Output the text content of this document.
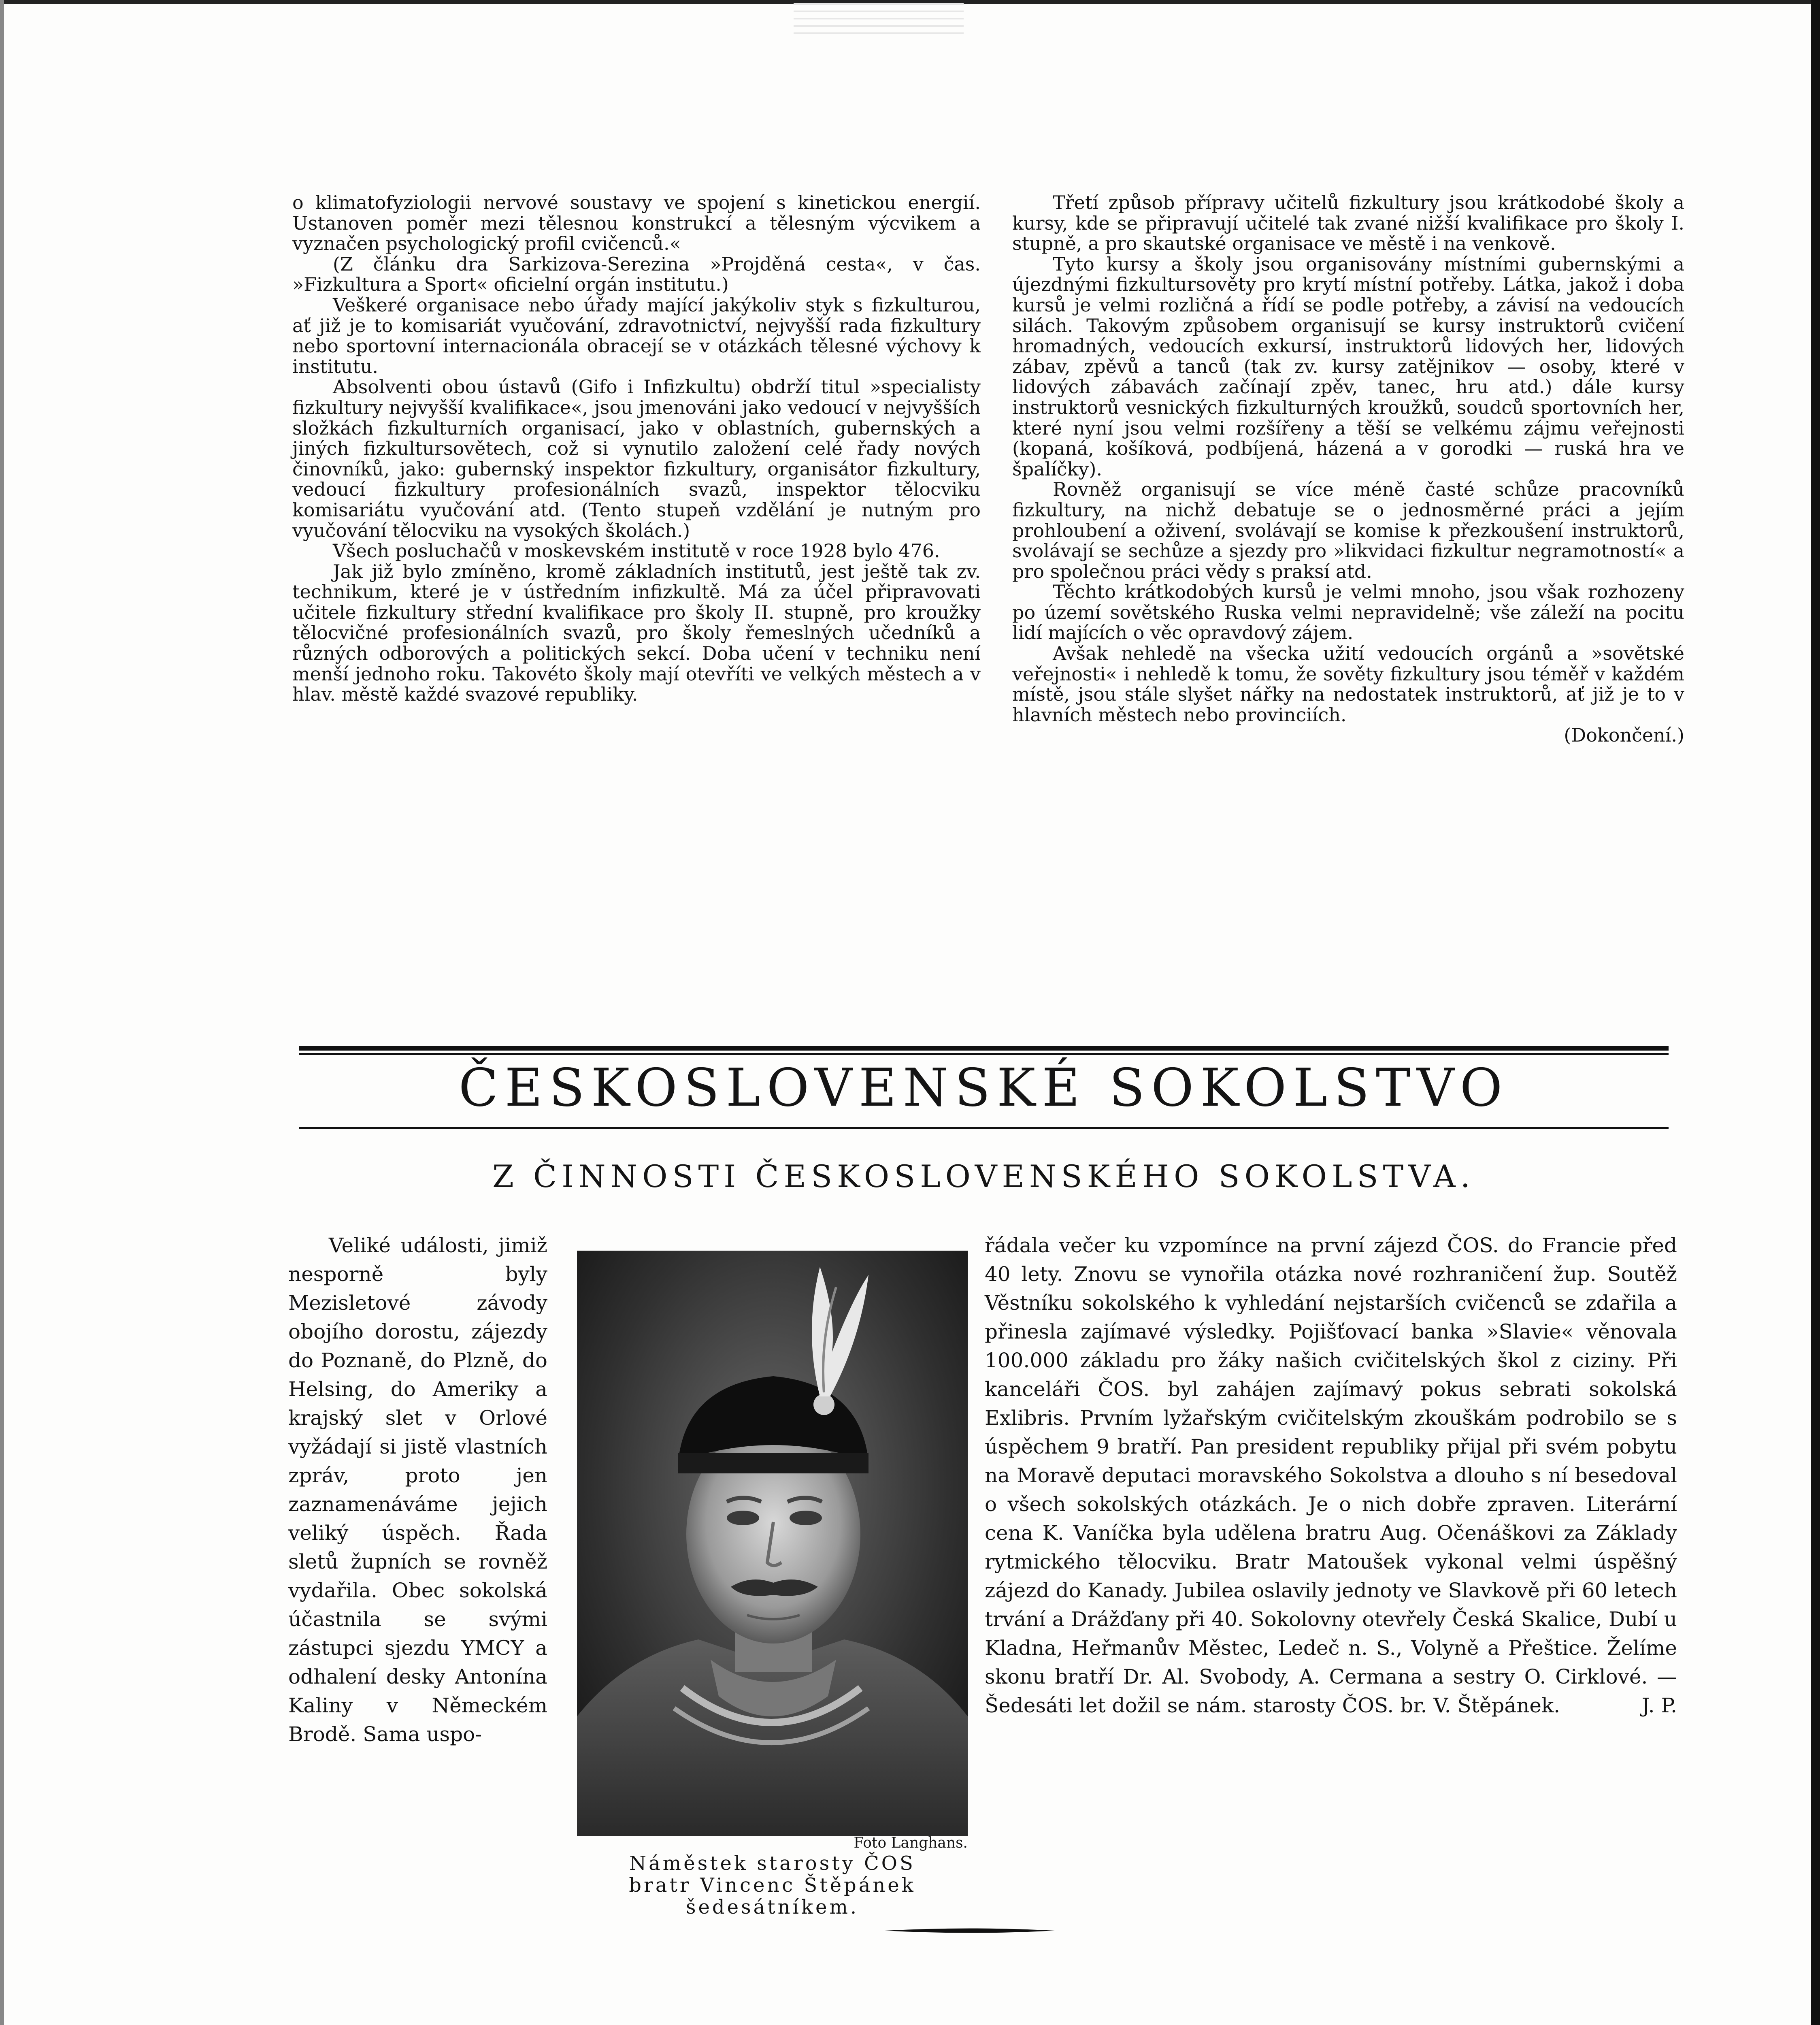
o klimatofyziologii nervové soustavy ve spojení s kinetickou energií. Ustanoven poměr mezi tělesnou konstrukcí a tělesným výcvikem a vyznačen psychologický profil cvičenců.«

(Z článku dra Sarkizova-Serezina »Projděná cesta«, v čas. »Fizkultura a Sport« oficielní orgán institutu.)

Veškeré organisace nebo úřady mající jakýkoliv styk s fizkulturou, ať již je to komisariát vyučování, zdravotnictví, nejvyšší rada fizkultury nebo sportovní internacionála obracejí se v otázkách tělesné výchovy k institutu.

Absolventi obou ústavů (Gifo i Infizkultu) obdrží titul »specialisty fizkultury nejvyšší kvalifikace«, jsou jmenováni jako vedoucí v nejvyšších složkách fizkulturních organisací, jako v oblastních, gubernských a jiných fizkultursovětech, což si vynutilo založení celé řady nových činovníků, jako: gubernský inspektor fizkultury, organisátor fizkultury, vedoucí fizkultury profesionálních svazů, inspektor tělocviku komisariátu vyučování atd. (Tento stupeň vzdělání je nutným pro vyučování tělocviku na vysokých školách.)

Všech posluchačů v moskevském institutě v roce 1928 bylo 476.

Jak již bylo zmíněno, kromě základních institutů, jest ještě tak zv. technikum, které je v ústředním infizkultě. Má za účel připravovati učitele fizkultury střední kvalifikace pro školy II. stupně, pro kroužky tělocvičné profesionálních svazů, pro školy řemeslných učedníků a různých odborových a politických sekcí. Doba učení v techniku není menší jednoho roku. Takovéto školy mají otevříti ve velkých městech a v hlav. městě každé svazové republiky.

Třetí způsob přípravy učitelů fizkultury jsou krátkodobé školy a kursy, kde se připravují učitelé tak zvané nižší kvalifikace pro školy I. stupně, a pro skautské organisace ve městě i na venkově.

Tyto kursy a školy jsou organisovány místními gubernskými a újezdnými fizkultursověty pro krytí místní potřeby. Látka, jakož i doba kursů je velmi rozličná a řídí se podle potřeby, a závisí na vedoucích silách. Takovým způsobem organisují se kursy instruktorů cvičení hromadných, vedoucích exkursí, instruktorů lidových her, lidových zábav, zpěvů a tanců (tak zv. kursy zatějnikov — osoby, které v lidových zábavách začínají zpěv, tanec, hru atd.) dále kursy instruktorů vesnických fizkulturných kroužků, soudců sportovních her, které nyní jsou velmi rozšířeny a těší se velkému zájmu veřejnosti (kopaná, košíková, podbíjená, házená a v gorodki — ruská hra ve špalíčky).

Rovněž organisují se více méně časté schůze pracovníků fizkultury, na nichž debatuje se o jednosměrné práci a jejím prohloubení a oživení, svolávají se komise k přezkoušení instruktorů, svolávají se sechůze a sjezdy pro »likvidaci fizkultur negramotností« a pro společnou práci vědy s praksí atd.

Těchto krátkodobých kursů je velmi mnoho, jsou však rozhozeny po území sovětského Ruska velmi nepravidelně; vše záleží na pocitu lidí majících o věc opravdový zájem.

Avšak nehledě na všecka užití vedoucích orgánů a »sovětské veřejnosti« i nehledě k tomu, že sověty fizkultury jsou téměř v každém místě, jsou stále slyšet nářky na nedostatek instruktorů, ať již je to v hlavních městech nebo provinciích.

(Dokončení.)

ČESKOSLOVENSKÉ SOKOLSTVO
Z ČINNOSTI ČESKOSLOVENSKÉHO SOKOLSTVA.

Veliké události, jimiž nesporně byly Mezisletové závody obojího dorostu, zájezdy do Poznaně, do Plzně, do Helsing, do Ameriky a krajský slet v Orlové vyžádají si jistě vlastních zpráv, proto jen zaznamenáváme jejich veliký úspěch. Řada sletů župních se rovněž vydařila. Obec sokolská účastnila se svými zástupci sjezdu YMCY a odhalení desky Antonína Kaliny v Německém Brodě. Sama uspo-

Foto Langhans.

Náměstek starosty ČOS
bratr Vincenc Štěpánek
šedesátníkem.

řádala večer ku vzpomínce na první zájezd ČOS. do Francie před 40 lety. Znovu se vynořila otázka nové rozhraničení žup. Soutěž Věstníku sokolského k vyhledání nejstarších cvičenců se zdařila a přinesla zajímavé výsledky. Pojišťovací banka »Slavie« věnovala 100.000 základu pro žáky našich cvičitelských škol z ciziny. Při kanceláři ČOS. byl zahájen zajímavý pokus sebrati sokolská Exlibris. Prvním lyžařským cvičitelským zkouškám podrobilo se s úspěchem 9 bratří. Pan president republiky přijal při svém pobytu na Moravě deputaci moravského Sokolstva a dlouho s ní besedoval o všech sokolských otázkách. Je o nich dobře zpraven. Literární cena K. Vaníčka byla udělena bratru Aug. Očenáškovi za Základy rytmického tělocviku. Bratr Matoušek vykonal velmi úspěšný zájezd do Kanady. Jubilea oslavily jednoty ve Slavkově při 60 letech trvání a Drážďany při 40. Sokolovny otevřely Česká Skalice, Dubí u Kladna, Heřmanův Městec, Ledeč n. S., Volyně a Přeštice. Želíme skonu bratří Dr. Al. Svobody, A. Cermana a sestry O. Cirklové. — Šedesáti let dožil se nám. starosty ČOS. br. V. Štěpánek.	J. P.
